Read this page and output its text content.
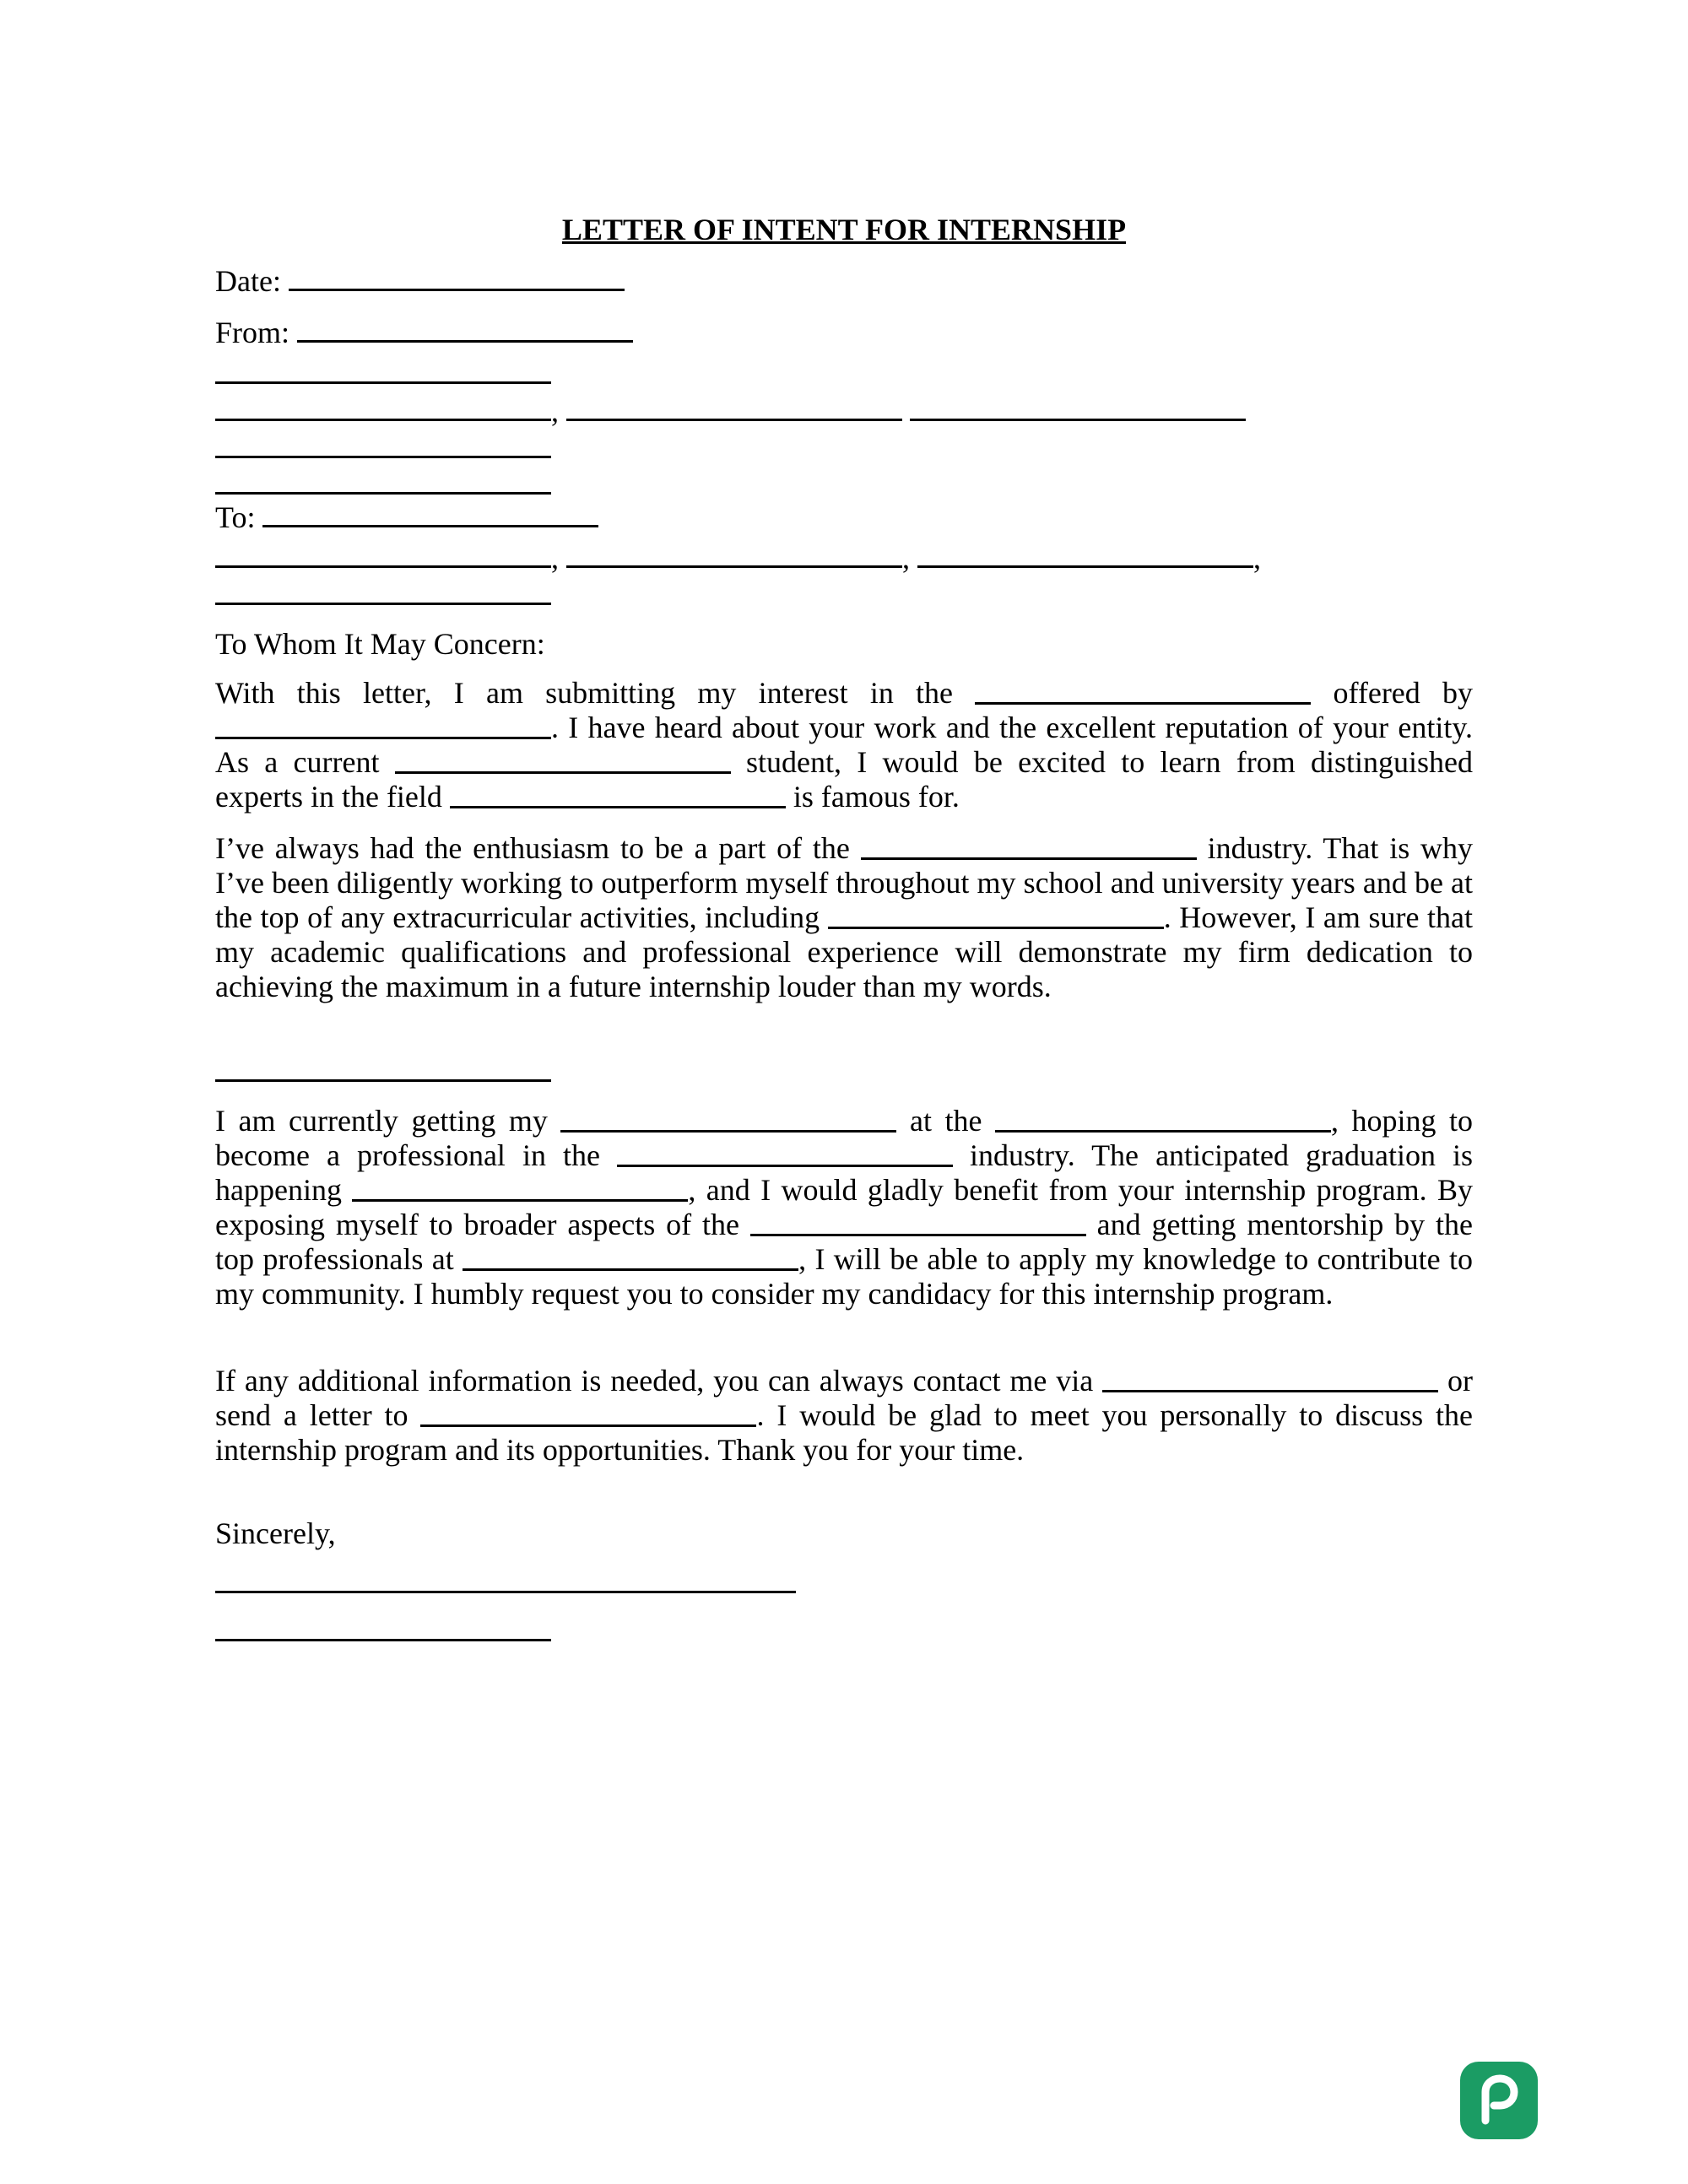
LETTER OF INTENT FOR INTERNSHIP
Date:
From:
,
To:
,	,	,
To Whom It May Concern:
With this letter, I am submitting my interest in the	offered by . I have heard about your work and the excellent reputation of your entity. As a current	student, I would be excited to learn from distinguished experts in the field	is famous for.
I’ve always had the enthusiasm to be a part of the	industry. That is why I’ve been diligently working to outperform myself throughout my school and university years and be at the top of any extracurricular activities, including	. However, I am sure that my academic qualifications and professional experience will demonstrate my firm dedication to achieving the maximum in a future internship louder than my words.
I am currently getting my	at the	, hoping to become a professional in the	industry. The anticipated graduation is happening	, and I would gladly benefit from your internship program. By exposing myself to broader aspects of the	and getting mentorship by the top professionals at	, I will be able to apply my knowledge to contribute to my community. I humbly request you to consider my candidacy for this internship program.
If any additional information is needed, you can always contact me via	or send a letter to	. I would be glad to meet you personally to discuss the internship program and its opportunities. Thank you for your time.
Sincerely,
